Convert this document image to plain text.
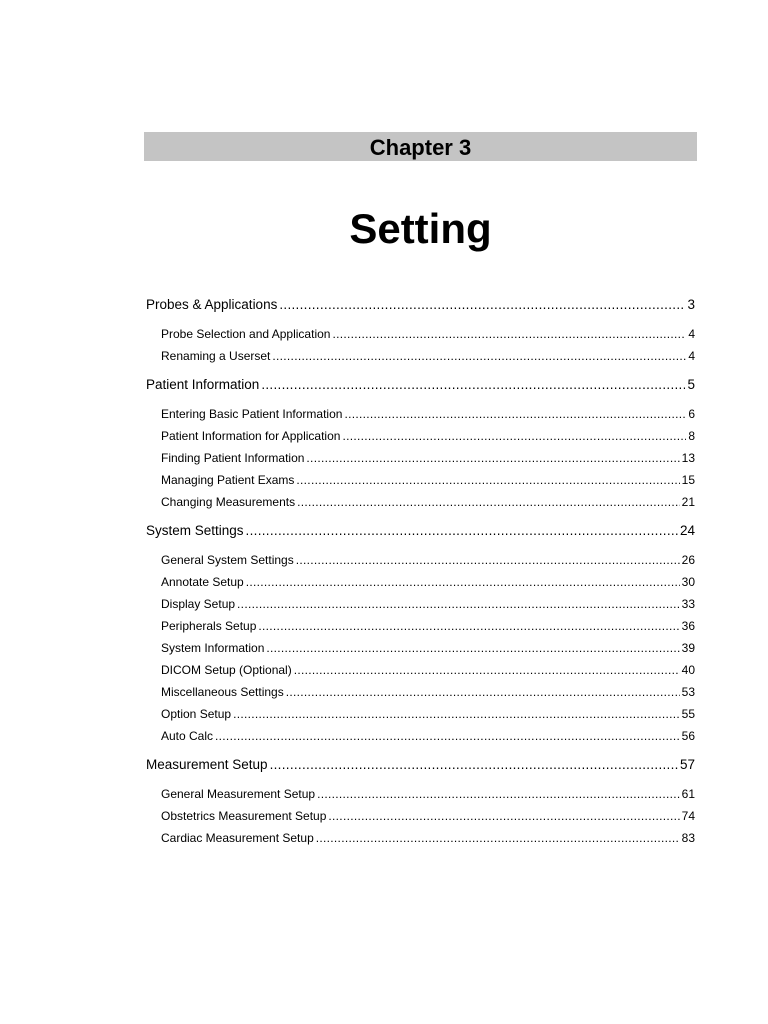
Chapter 3
Setting
Probes & Applications .....	3
Probe Selection and Application .....	4
Renaming a Userset .....	4
Patient Information .....	5
Entering Basic Patient Information .....	6
Patient Information for Application .....	8
Finding Patient Information .....	13
Managing Patient Exams .....	15
Changing Measurements .....	21
System Settings .....	24
General System Settings .....	26
Annotate Setup .....	30
Display Setup .....	33
Peripherals Setup .....	36
System Information .....	39
DICOM Setup (Optional) .....	40
Miscellaneous Settings .....	53
Option Setup .....	55
Auto Calc .....	56
Measurement Setup .....	57
General Measurement Setup .....	61
Obstetrics Measurement Setup .....	74
Cardiac Measurement Setup .....	83
